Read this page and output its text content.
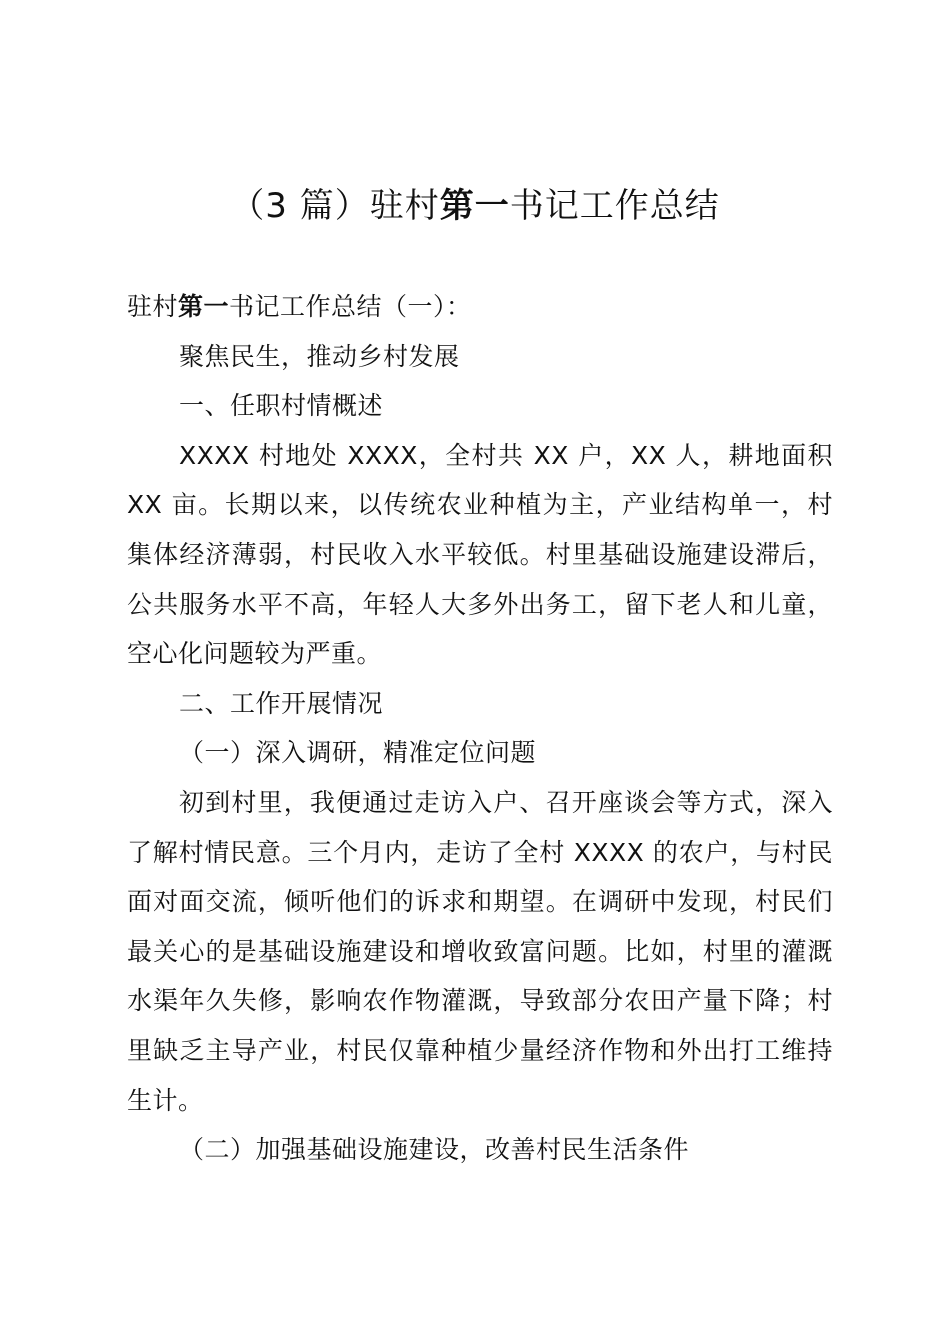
（3 篇）驻村第一书记工作总结

驻村第一书记工作总结（一）：

聚焦民生，推动乡村发展

一、任职村情概述

XXXX 村地处 XXXX，全村共 XX 户，XX 人，耕地面积 XX 亩。长期以来，以传统农业种植为主，产业结构单一，村集体经济薄弱，村民收入水平较低。村里基础设施建设滞后，公共服务水平不高，年轻人大多外出务工，留下老人和儿童，空心化问题较为严重。

二、工作开展情况

（一）深入调研，精准定位问题

初到村里，我便通过走访入户、召开座谈会等方式，深入了解村情民意。三个月内，走访了全村 XXXX 的农户，与村民面对面交流，倾听他们的诉求和期望。在调研中发现，村民们最关心的是基础设施建设和增收致富问题。比如，村里的灌溉水渠年久失修，影响农作物灌溉，导致部分农田产量下降；村里缺乏主导产业，村民仅靠种植少量经济作物和外出打工维持生计。

（二）加强基础设施建设，改善村民生活条件
